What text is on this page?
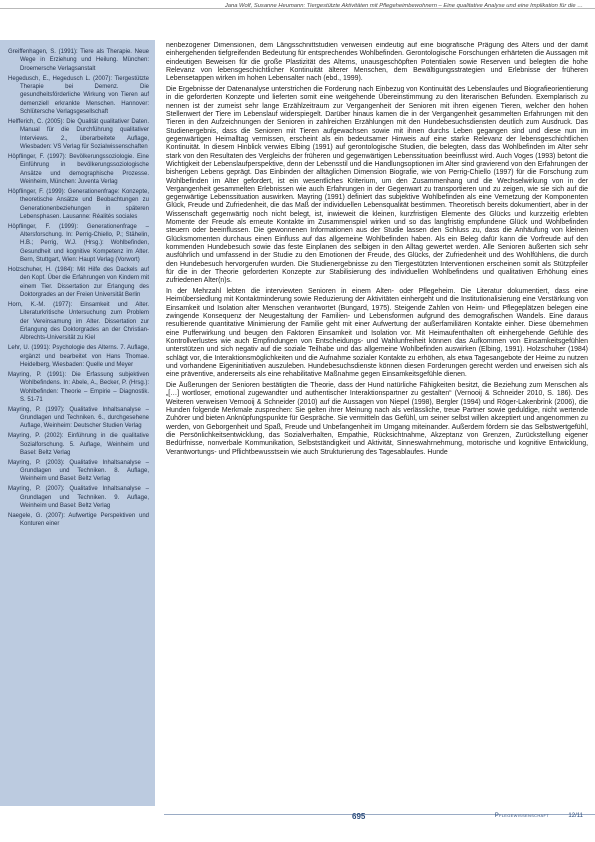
Jana Wolf, Susanne Heumann: Tiergestützte Aktivitäten mit Pflegeheimbewohnern – Eine qualitative Analyse und eine Implikation für die …

Greiffenhagen, S. (1991): Tiere als Therapie. Neue Wege in Erziehung und Heilung. München: Droemersche Verlagsanstalt

Hegedusch, E., Hegedusch L. (2007): Tiergestützte Therapie bei Demenz. Die gesundheitsförderliche Wirkung von Tieren auf demenziell erkrankte Menschen. Hannover: Schlütersche Verlagsgesellschaft

Helfferich, C. (2005): Die Qualität qualitativer Daten. Manual für die Durchführung qualitativer Interviews. 2., überarbeitete Auflage, Wiesbaden: VS Verlag für Sozialwissenschaften

Höpflinger, F. (1997): Bevölkerungssoziologie. Eine Einführung in bevölkerungssoziologische Ansätze und demographische Prozesse. Weinheim, München: Juventa Verlag

Höpflinger, F. (1999): Generationenfrage: Konzepte, theoretische Ansätze und Beobachtungen zu Generationenbeziehungen in späteren Lebensphasen. Lausanne: Réalités sociales

Höpflinger, F. (1999): Generationenfrage – Altersforschung. In: Perrig-Chiello, P.; Stähelin, H.B.; Perrig, W.J. (Hrsg.): Wohlbefinden, Gesundheit und kognitive Kompetenz im Alter. Bern, Stuttgart, Wien: Haupt Verlag (Vorwort)

Holzschuher, H. (1984): Mit Hilfe des Dackels auf den Kopf. Über die Erfahrungen von Kindern mit einem Tier. Dissertation zur Erlangung des Doktorgrades an der Freien Universität Berlin

Horn, K.-M. (1977): Einsamkeit und Alter. Literaturkritische Untersuchung zum Problem der Vereinsamung im Alter. Dissertation zur Erlangung des Doktorgrades an der Christian-Albrechts-Universität zu Kiel

Lehr, U. (1991): Psychologie des Alterns. 7. Auflage, ergänzt und bearbeitet von Hans Thomae. Heidelberg, Wiesbaden: Quelle und Meyer

Mayring, P. (1991): Die Erfassung subjektiven Wohlbefindens. In: Abele, A., Becker, P. (Hrsg.): Wohlbefinden: Theorie – Empirie – Diagnostik. S. 51-71

Mayring, P. (1997): Qualitative Inhaltsanalyse – Grundlagen und Techniken. 6., durchgesehene Auflage, Weinheim: Deutscher Studien Verlag

Mayring, P. (2002): Einführung in die qualitative Sozialforschung. 5. Auflage, Weinheim und Basel: Beltz Verlag

Mayring, P. (2003): Qualitative Inhaltsanalyse – Grundlagen und Techniken. 8. Auflage, Weinheim und Basel: Beltz Verlag

Mayring, P. (2007): Qualitative Inhaltsanalyse – Grundlagen und Techniken. 9. Auflage, Weinheim und Basel: Beltz Verlag

Naegele, G. (2007): Aufwertige Perspektiven und Konturen einer

nenbezogener Dimensionen, dem Längsschnittstudien verweisen eindeutig auf eine biografische Prägung des Alters und der damit einhergehenden tiefgreifenden Bedeutung für entsprechendes Wohlbefinden. Gerontologische Forschungen erhärteten die Aussagen mit eindeutigen Beweisen für die große Plastizität des Alterns, unausgeschöpften Potentialen sowie Reserven und belegten die hohe Relevanz von lebensgeschichtlicher Kontinuität älterer Menschen, dem Bewältigungsstrategien und Erlebnisse der früheren Lebensetappen wirken im hohen Lebensalter nach (ebd., 1999).

Die Ergebnisse der Datenanalyse unterstrichen die Forderung nach Einbezug von Kontinuität des Lebenslaufes und Biografieorientierung in die geforderten Konzepte und lieferten somit eine weitgehende Übereinstimmung zu den literarischen Befunden. Exemplarisch zu nennen ist der zumeist sehr lange Erzählzeitraum zur Vergangenheit der Senioren mit ihren eigenen Tieren, welcher den hohen Stellenwert der Tiere im Lebenslauf widerspiegelt. Darüber hinaus kamen die in der Vergangenheit gesammelten Erfahrungen mit den Tieren in den Aufzeichnungen der Senioren in zahlreichen Erzählungen mit den Hundebesuchsdiensten deutlich zum Ausdruck. Das Studienergebnis, dass die Senioren mit Tieren aufgewachsen sowie mit ihnen durchs Leben gegangen sind und diese nun im gegenwärtigen Heimalltag vermissen, erscheint als ein bedeutsamer Hinweis auf eine starke Relevanz der lebensgeschichtlichen Kontinuität. In diesem Hinblick verwies Elbing (1991) auf gerontologische Studien, die belegten, dass das Wohlbefinden im Alter sehr stark von den Resultaten des Vergleichs der früheren und gegenwärtigen Lebenssituation beeinflusst wird. Auch Voges (1993) betont die Wichtigkeit der Lebenslaufperspektive, denn der Lebensstil und die Handlungsoptionen im Alter sind gravierend von den Erfahrungen der bisherigen Lebens geprägt. Das Einbinden der alltäglichen Dimension Biografie, wie von Perrig-Chiello (1997) für die Forschung zum Wohlbefinden im Alter gefordert, ist ein wesentliches Kriterium, um den Zusammenhang und die Wechselwirkung von in der Vergangenheit gesammelten Erlebnissen wie auch Erfahrungen in der Gegenwart zu transportieren und zu zeigen, wie sie sich auf die gegenwärtige Lebenssituation auswirken. Mayring (1991) definiert das subjektive Wohlbefinden als eine Vernetzung der Komponenten Glück, Freude und Zufriedenheit, die das Maß der individuellen Lebensqualität bestimmen. Theoretisch bereits dokumentiert, aber in der Wissenschaft gegenwärtig noch nicht belegt, ist, inwieweit die kleinen, kurzfristigen Elemente des Glücks und kurzzeitig erlebten Momente der Freude als erneute Kontakte im Zusammenspiel wirken und so das langfristig empfundene Glück und Wohlbefinden steuern oder beeinflussen. Die gewonnenen Informationen aus der Studie lassen den Schluss zu, dass die Anhäufung von kleinen Glücksmomenten durchaus einen Einfluss auf das allgemeine Wohlbefinden haben. Als ein Beleg dafür kann die Vorfreude auf den kommenden Hundebesuch sowie das feste Einplanen des selbigen in den Alltag gewertet werden. Alle Senioren äußerten sich sehr ausführlich und umfassend in der Studie zu den Emotionen der Freude, des Glücks, der Zufriedenheit und des Wohlfühlens, die durch den Hundebesuch hervorgerufen wurden. Die Studienergebnisse zu den Tiergestützten Interventionen erscheinen somit als Stützpfeiler für die in der Theorie geforderten Konzepte zur Stabilisierung des individuellen Wohlbefindens und qualitativen Erhöhung eines zufriedenen Alter(n)s.

In der Mehrzahl lebten die interviewten Senioren in einem Alten- oder Pflegeheim. Die Literatur dokumentiert, dass eine Heimübersiedlung mit Kontaktminderung sowie Reduzierung der Aktivitäten einhergeht und die Institutionalisierung eine Verstärkung von Einsamkeit und Isolation alter Menschen verantwortet (Bungard, 1975). Steigende Zahlen von Heim- und Pflegeplätzen belegen eine zwingende Konsequenz der Neugestaltung der Familien- und Lebensformen aufgrund des demografischen Wandels. Eine daraus resultierende quantitative Minimierung der Familie geht mit einer Aufwertung der außerfamiliären Kontakte einher. Diese übernehmen eine Pufferwirkung und beugen den Faktoren Einsamkeit und Isolation vor. Mit Heimaufenthalten oft einhergehende Gefühle des Kontrollverlustes wie auch Empfindungen von Entscheidungs- und Wahlunfreiheit können das Aufkommen von Einsamkeitsgefühlen unterstützen und sich negativ auf die soziale Teilhabe und das allgemeine Wohlbefinden auswirken (Elbing, 1991). Holzschuher (1984) schlägt vor, die Interaktionsmöglichkeiten und die Aufnahme sozialer Kontakte zu erhöhen, als etwa Tagesangebote der Heime zu nutzen und vorhandene Eigeninitiativen auszuleben. Hundebesuchsdienste können diesen Forderungen gerecht werden und erweisen sich als eine präventive, andererseits als eine rehabilitative Maßnahme gegen Einsamkeitsgefühle dienen.

Die Äußerungen der Senioren bestätigten die Theorie, dass der Hund natürliche Fähigkeiten besitzt, die Beziehung zum Menschen als „[…] wortloser, emotional zugewandter und authentischer Interaktionspartner zu gestalten“ (Vernooij & Schneider 2010, S. 186). Des Weiteren verweisen Vernooij & Schneider (2010) auf die Aussagen von Niepel (1998), Bergler (1994) und Röger-Lakenbrink (2006), die Hunden folgende Merkmale zusprechen: Sie gelten ihrer Meinung nach als verlässliche, treue Partner sowie geduldige, nicht wertende Zuhörer und bieten Anknüpfungspunkte für Gespräche. Sie vermitteln das Gefühl, um seiner selbst willen akzeptiert und angenommen zu werden, von Geborgenheit und Spaß, Freude und Unbefangenheit im Umgang miteinander. Außerdem fördern sie das Selbstwertgefühl, die Persönlichkeitsentwicklung, das Sozialverhalten, Empathie, Rücksichtnahme, Akzeptanz von Grenzen, Zurückstellung eigener Bedürfnisse, nonverbale Kommunikation, Selbstständigkeit und Aktivität, Sinneswahrnehmung, motorische und kognitive Entwicklung, Verantwortungs- und Pflichtbewusstsein wie auch Strukturierung des Tagesablaufes. Hunde

695	Pflegewissenschaft	12/11
